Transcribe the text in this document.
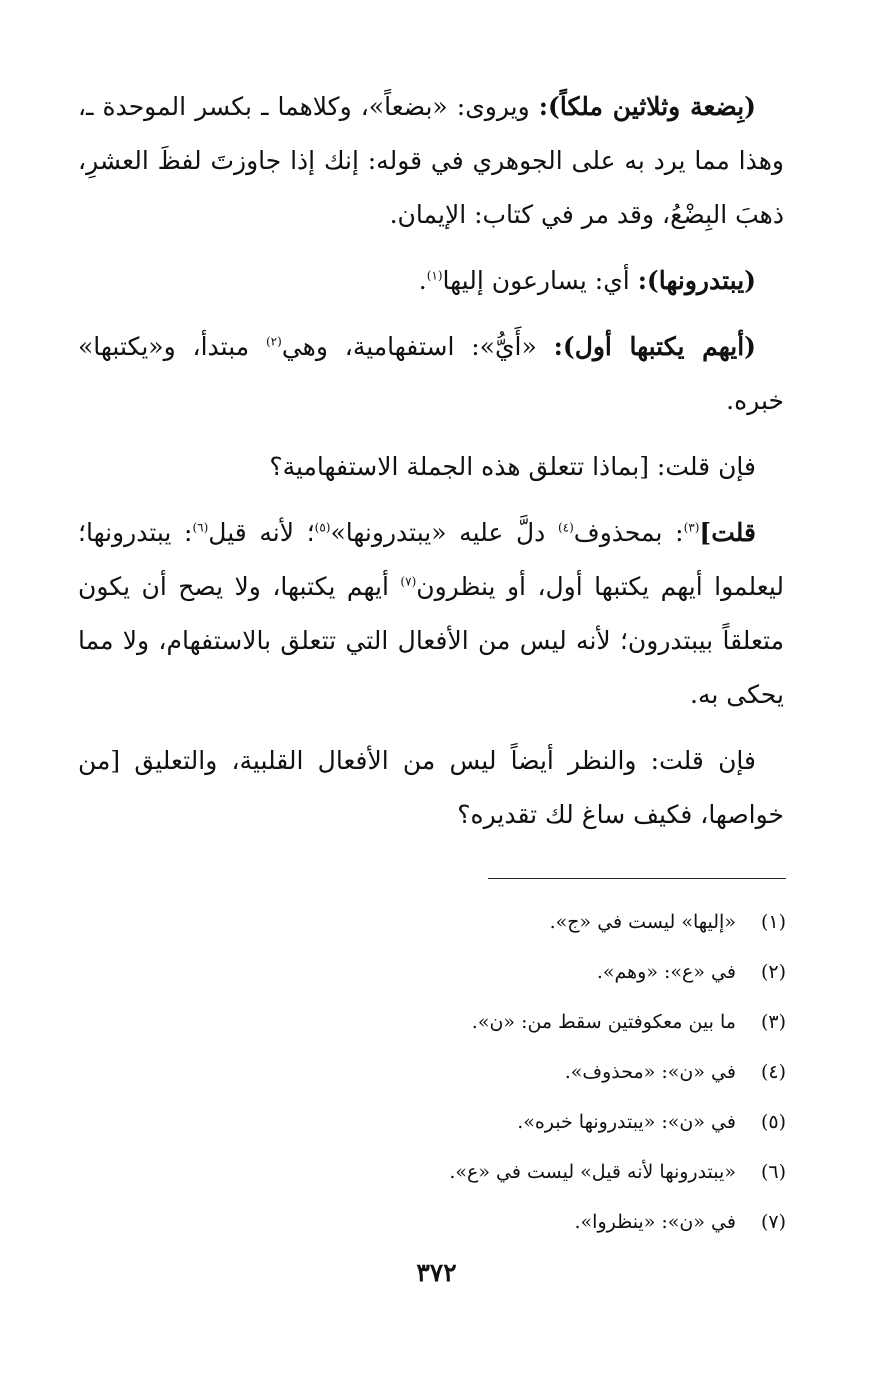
(بِضعة وثلاثين ملكاً): ويروى: «بضعاً»، وكلاهما ـ بكسر الموحدة ـ، وهذا مما يرد به على الجوهري في قوله: إنك إذا جاوزتَ لفظَ العشرِ، ذهبَ البِضْعُ، وقد مر في كتاب: الإيمان.

(يبتدرونها): أي: يسارعون إليها$^{(١)}$.

(أيهم يكتبها أول): «أَيُّ»: استفهامية، وهي$^{(٢)}$ مبتدأ، و«يكتبها» خبره.

فإن قلت: [بماذا تتعلق هذه الجملة الاستفهامية؟

قلت]$^{(٣)}$: بمحذوف$^{(٤)}$ دلَّ عليه «يبتدرونها»$^{(٥)}$؛ لأنه قيل$^{(٦)}$: يبتدرونها؛ ليعلموا أيهم يكتبها أول، أو ينظرون$^{(٧)}$ أيهم يكتبها، ولا يصح أن يكون متعلقاً بيبتدرون؛ لأنه ليس من الأفعال التي تتعلق بالاستفهام، ولا مما يحكى به.

فإن قلت: والنظر أيضاً ليس من الأفعال القلبية، والتعليق [من خواصها، فكيف ساغ لك تقديره؟

(١) «إليها» ليست في «ج».
(٢) في «ع»: «وهم».
(٣) ما بين معكوفتين سقط من: «ن».
(٤) في «ن»: «محذوف».
(٥) في «ن»: «يبتدرونها خبره».
(٦) «يبتدرونها لأنه قيل» ليست في «ع».
(٧) في «ن»: «ينظروا».
٣٧٢
